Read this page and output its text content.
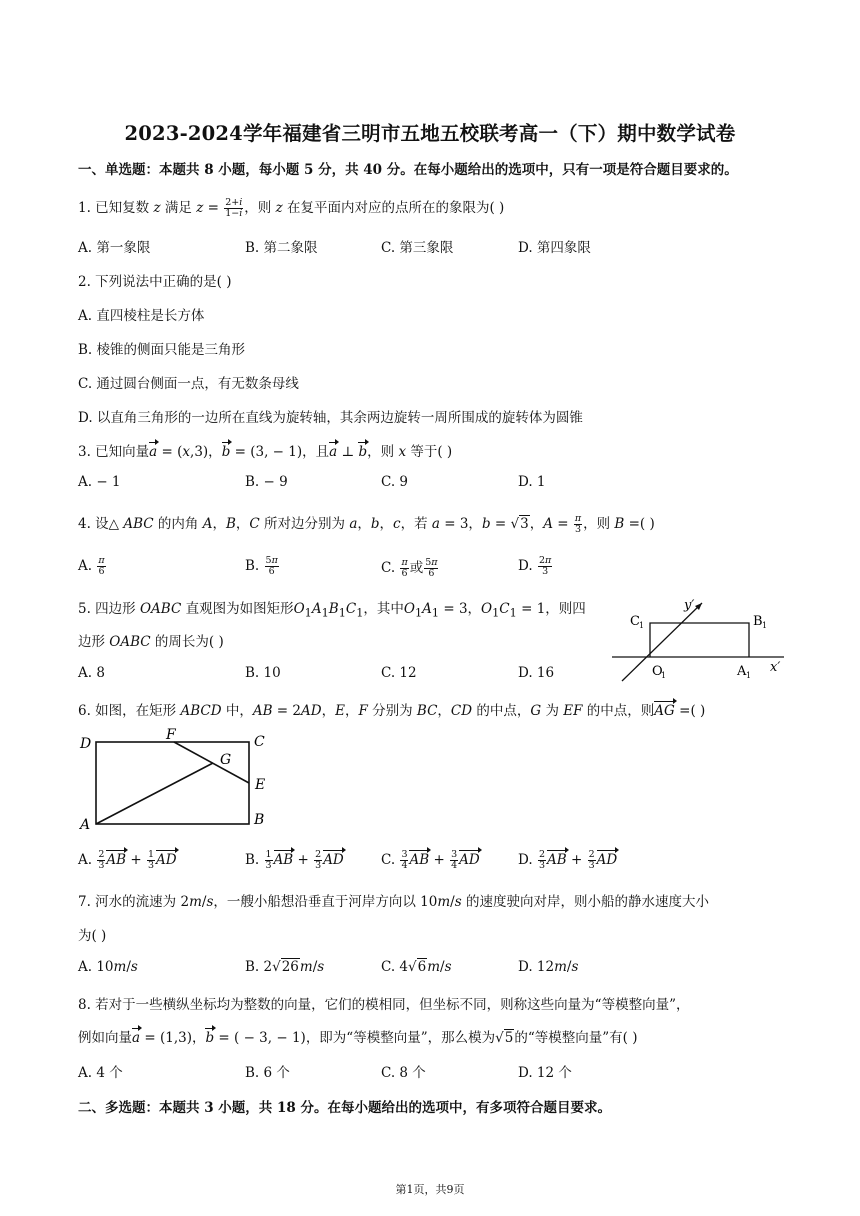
2023-2024学年福建省三明市五地五校联考高一（下）期中数学试卷
一、单选题：本题共 8 小题，每小题 5 分，共 40 分。在每小题给出的选项中，只有一项是符合题目要求的。
1. 已知复数 z 满足 $z = \frac{2+i}{1-i}$ ，则 z 在复平面内对应的点所在的象限为( )
A. 第一象限	B. 第二象限	C. 第三象限	D. 第四象限
2. 下列说法中正确的是( )
A. 直四棱柱是长方体
B. 棱锥的侧面只能是三角形
C. 通过圆台侧面一点，有无数条母线
D. 以直角三角形的一边所在直线为旋转轴，其余两边旋转一周所围成的旋转体为圆锥
3. 已知向量a = (x,3)，b = (3, − 1)，且a ⊥ b，则 x 等于( )
A. − 1	B. − 9	C. 9	D. 1
4. 设△ ABC 的内角 A，B，C 所对边分别为 a，b，c，若 a = 3，b = √3，$A = \frac{\pi}{3}$ ，则 B =( )
A. $\frac{\pi}{6}$	B. $\frac{5\pi}{6}$	C. $\frac{\pi}{6}$ 或 $\frac{5\pi}{6}$	D. $\frac{2\pi}{3}$
5. 四边形 OABC 直观图为如图矩形$O_1A_1B_1C_1$，其中$O_1A_1 = 3$，$O_1C_1 = 1$，则四
边形 OABC 的周长为( )
A. 8	B. 10	C. 12	D. 16
y′
x′
C 1	B 1
O
1	A 1
6. 如图，在矩形 ABCD 中，AB = 2AD，E，F 分别为 BC，CD 的中点，G 为 EF 的中点，则AG =( )
D
F	C
G
E
A	B
A. $\frac{2}{3}$ AB + $\frac{1}{3}$ AD	B. $\frac{1}{3}$ AB + $\frac{2}{3}$ AD	C. $\frac{3}{4}$ AB + $\frac{3}{4}$ AD	D. $\frac{2}{3}$ AB + $\frac{2}{3}$ AD
7. 河水的流速为 2m/s，一艘小船想沿垂直于河岸方向以 10m/s 的速度驶向对岸，则小船的静水速度大小
为( )
A. 10m/s	B. 2√26m/s	C. 4√6m/s	D. 12m/s
8. 若对于一些横纵坐标均为整数的向量，它们的模相同，但坐标不同，则称这些向量为“等模整向量”，
例如向量a = (1,3)，b = ( − 3, − 1)，即为“等模整向量”，那么模为√5的“等模整向量”有( )
A. 4 个	B. 6 个	C. 8 个	D. 12 个
二、多选题：本题共 3 小题，共 18 分。在每小题给出的选项中，有多项符合题目要求。
第1页，共9页
